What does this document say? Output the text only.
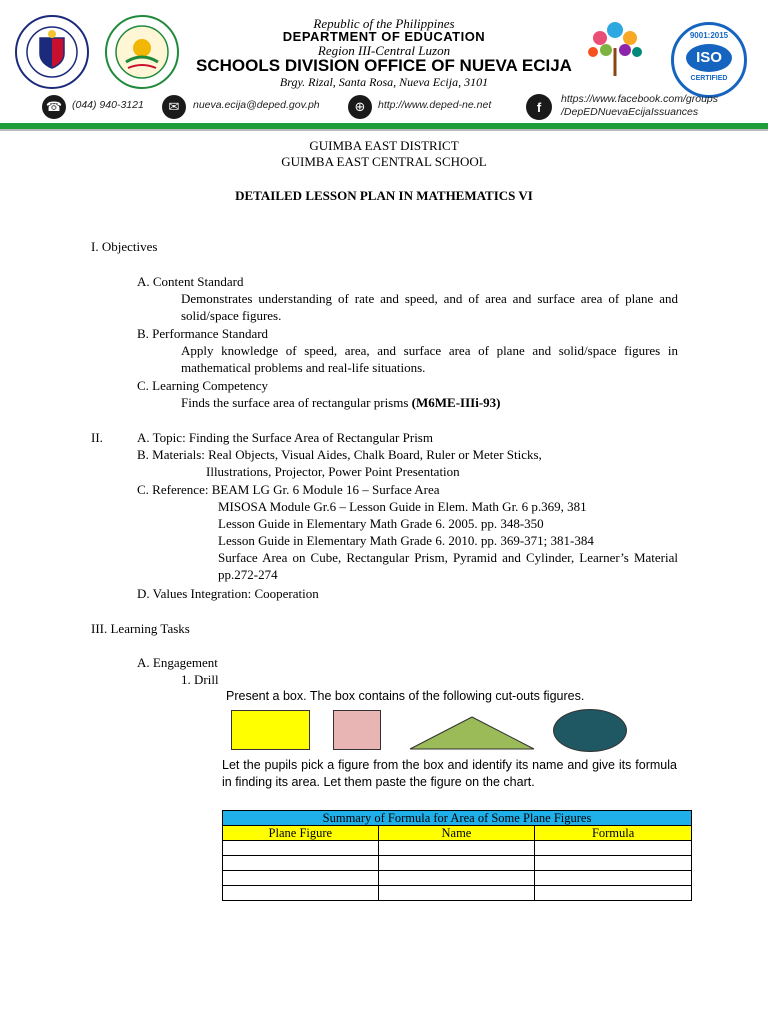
Republic of the Philippines
DEPARTMENT OF EDUCATION
Region III-Central Luzon
SCHOOLS DIVISION OFFICE OF NUEVA ECIJA
Brgy. Rizal, Santa Rosa, Nueva Ecija, 3101
9001:2015
ISO
CERTIFIED
☎ (044) 940-3121	✉	nueva.ecija@deped.gov.ph	⊕	http://www.deped-ne.net	f
https://www.facebook.com/groups
/DepEDNuevaEcijaIssuances
GUIMBA EAST DISTRICT
GUIMBA EAST CENTRAL SCHOOL
DETAILED LESSON PLAN IN MATHEMATICS VI
I. Objectives
A. Content Standard
Demonstrates understanding of rate and speed, and of area and surface area of plane and solid/space figures.
B. Performance Standard
Apply knowledge of speed, area, and surface area of plane and solid/space figures in mathematical problems and real-life situations.
C. Learning Competency
Finds the surface area of rectangular prisms (M6ME-IIIi-93)
II.	A. Topic: Finding the Surface Area of Rectangular Prism
B. Materials: Real Objects, Visual Aides, Chalk Board, Ruler or Meter Sticks,
Illustrations, Projector, Power Point Presentation
C. Reference: BEAM LG Gr. 6 Module 16 – Surface Area
MISOSA Module Gr.6 – Lesson Guide in Elem. Math Gr. 6 p.369, 381
Lesson Guide in Elementary Math Grade 6. 2005. pp. 348-350
Lesson Guide in Elementary Math Grade 6. 2010. pp. 369-371; 381-384
Surface Area on Cube, Rectangular Prism, Pyramid and Cylinder, Learner’s Material pp.272-274
D. Values Integration: Cooperation
III. Learning Tasks
A. Engagement
1. Drill
Present a box. The box contains of the following cut-outs figures.
Let the pupils pick a figure from the box and identify its name and give its formula in finding its area. Let them paste the figure on the chart.
Summary of Formula for Area of Some Plane Figures		
Plane Figure	Name	Formula
